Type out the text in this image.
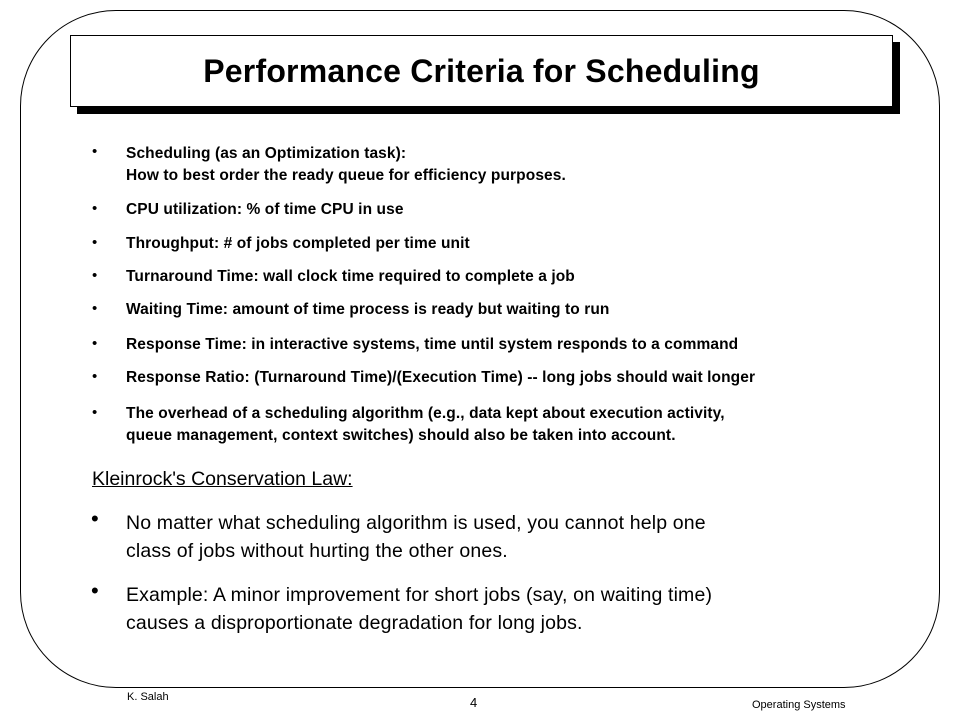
Performance Criteria for Scheduling
• Scheduling (as an Optimization task):
How to best order the ready queue for efficiency purposes.
• CPU utilization: % of time CPU in use
• Throughput: # of jobs completed per time unit
• Turnaround Time: wall clock time required to complete a job
• Waiting Time: amount of time process is ready but waiting to run
• Response Time: in interactive systems, time until system responds to a command
• Response Ratio: (Turnaround Time)/(Execution Time) -- long jobs should wait longer
• The overhead of a scheduling algorithm (e.g., data kept about execution activity,
queue management, context switches) should also be taken into account.
Kleinrock's Conservation Law:
• No matter what scheduling algorithm is used, you cannot help one
class of jobs without hurting the other ones.
• Example: A minor improvement for short jobs (say, on waiting time)
causes a disproportionate degradation for long jobs.
K. Salah	4	Operating Systems
